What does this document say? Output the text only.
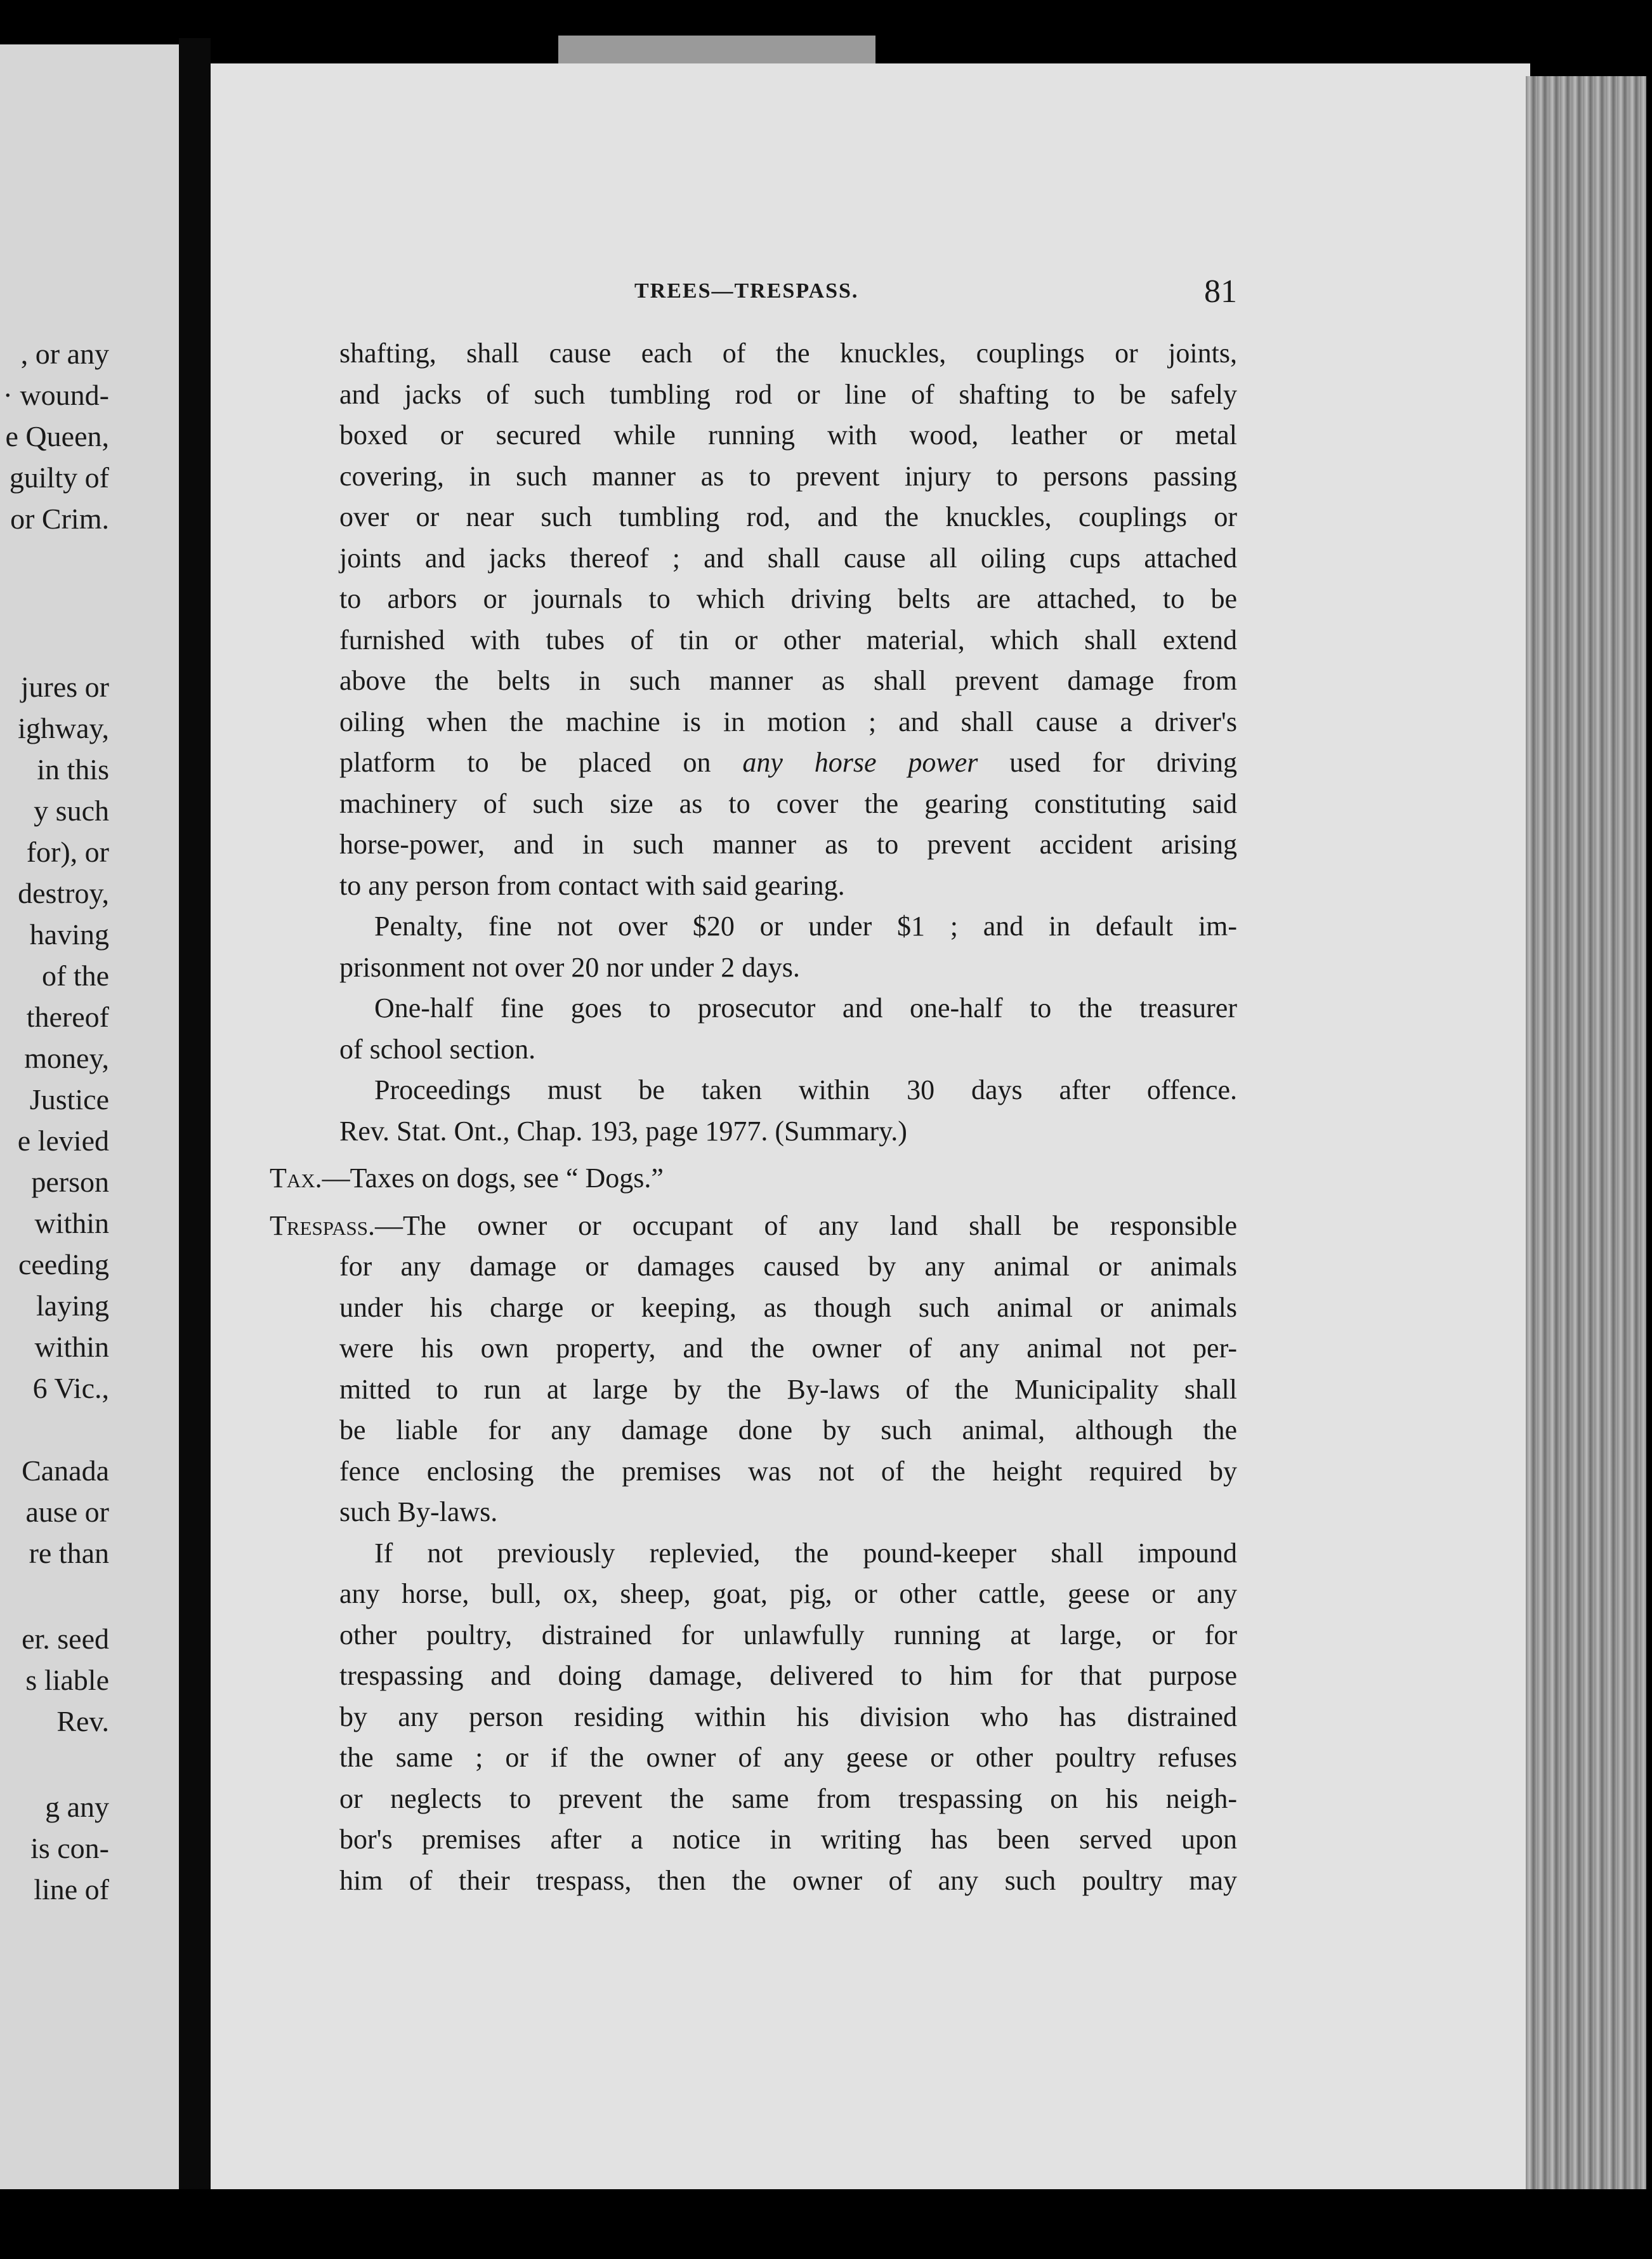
, or any
· wound-
e Queen,
guilty of
or Crim.
jures or
ighway,
in this
y such
for), or
destroy,
having
of the
thereof
money,
Justice
e levied
person
within
ceeding
laying
within
6 Vic.,
Canada
ause or
re than
er. seed
s liable
Rev.
g any
is con-
line of
TREES—TRESPASS.	81
shafting, shall cause each of the knuckles, couplings or joints,
and jacks of such tumbling rod or line of shafting to be safely
boxed or secured while running with wood, leather or metal
covering, in such manner as to prevent injury to persons passing
over or near such tumbling rod, and the knuckles, couplings or
joints and jacks thereof ; and shall cause all oiling cups attached
to arbors or journals to which driving belts are attached, to be
furnished with tubes of tin or other material, which shall extend
above the belts in such manner as shall prevent damage from
oiling when the machine is in motion ; and shall cause a driver's
platform to be placed on any horse power used for driving
machinery of such size as to cover the gearing constituting said
horse-power, and in such manner as to prevent accident arising
to any person from contact with said gearing.
Penalty, fine not over $20 or under $1 ; and in default im-
prisonment not over 20 nor under 2 days.
One-half fine goes to prosecutor and one-half to the treasurer
of school section.
Proceedings must be taken within 30 days after offence.
Rev. Stat. Ont., Chap. 193, page 1977. (Summary.)
Tax.—Taxes on dogs, see “ Dogs.”
Trespass.—The owner or occupant of any land shall be responsible
for any damage or damages caused by any animal or animals
under his charge or keeping, as though such animal or animals
were his own property, and the owner of any animal not per-
mitted to run at large by the By-laws of the Municipality shall
be liable for any damage done by such animal, although the
fence enclosing the premises was not of the height required by
such By-laws.
If not previously replevied, the pound-keeper shall impound
any horse, bull, ox, sheep, goat, pig, or other cattle, geese or any
other poultry, distrained for unlawfully running at large, or for
trespassing and doing damage, delivered to him for that purpose
by any person residing within his division who has distrained
the same ; or if the owner of any geese or other poultry refuses
or neglects to prevent the same from trespassing on his neigh-
bor's premises after a notice in writing has been served upon
him of their trespass, then the owner of any such poultry may
